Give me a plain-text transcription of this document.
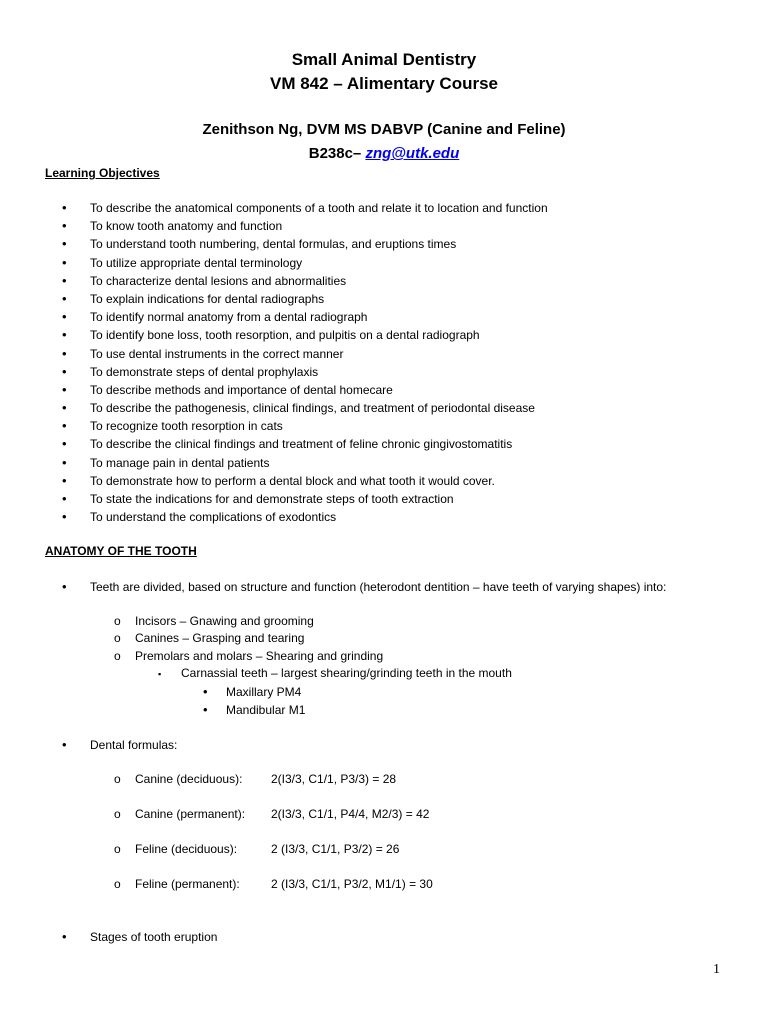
Small Animal Dentistry
VM 842 – Alimentary Course
Zenithson Ng, DVM MS DABVP (Canine and Feline)
B238c– zng@utk.edu
Learning Objectives
• To describe the anatomical components of a tooth and relate it to location and function
• To know tooth anatomy and function
• To understand tooth numbering, dental formulas, and eruptions times
• To utilize appropriate dental terminology
• To characterize dental lesions and abnormalities
• To explain indications for dental radiographs
• To identify normal anatomy from a dental radiograph
• To identify bone loss, tooth resorption, and pulpitis on a dental radiograph
• To use dental instruments in the correct manner
• To demonstrate steps of dental prophylaxis
• To describe methods and importance of dental homecare
• To describe the pathogenesis, clinical findings, and treatment of periodontal disease
• To recognize tooth resorption in cats
• To describe the clinical findings and treatment of feline chronic gingivostomatitis
• To manage pain in dental patients
• To demonstrate how to perform a dental block and what tooth it would cover.
• To state the indications for and demonstrate steps of tooth extraction
• To understand the complications of exodontics
ANATOMY OF THE TOOTH
• Teeth are divided, based on structure and function (heterodont dentition – have teeth of varying shapes) into:
o Incisors – Gnawing and grooming
o Canines – Grasping and tearing
o Premolars and molars – Shearing and grinding
▪ Carnassial teeth – largest shearing/grinding teeth in the mouth
• Maxillary PM4
• Mandibular M1
• Dental formulas:
o Canine (deciduous): 2(I3/3, C1/1, P3/3) = 28
o Canine (permanent): 2(I3/3, C1/1, P4/4, M2/3) = 42
o Feline (deciduous):	2 (I3/3, C1/1, P3/2) = 26
o Feline (permanent):	2 (I3/3, C1/1, P3/2, M1/1) = 30
• Stages of tooth eruption
1
